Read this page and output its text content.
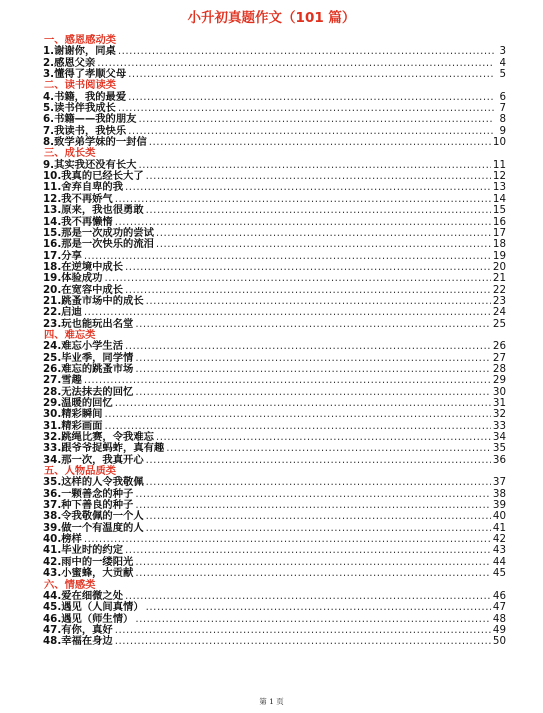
小升初真题作文（101 篇）
一、感恩感动类
1.谢谢你，同桌 .....	3
2.感恩父亲 .....	4
3.懂得了孝顺父母 .....	5
二、读书阅读类
4.书籍，我的最爱 .....	6
5.读书伴我成长 .....	7
6.书籍——我的朋友 .....	8
7.我读书，我快乐 .....	9
8.致学弟学妹的一封信 .....	10
三、成长类
9.其实我还没有长大 .....	11
10.我真的已经长大了 .....	12
11.舍弃自卑的我 .....	13
12.我不再娇气 .....	14
13.原来，我也很勇敢 .....	15
14.我不再懒惰 .....	16
15.那是一次成功的尝试 .....	17
16.那是一次快乐的流泪 .....	18
17.分享 .....	19
18.在逆境中成长 .....	20
19.体验成功 .....	21
20.在宽容中成长 .....	22
21.跳蚤市场中的成长 .....	23
22.启迪 .....	24
23.玩也能玩出名堂 .....	25
四、难忘类
24.难忘小学生活 .....	26
25.毕业季，同学情 .....	27
26.难忘的跳蚤市场 .....	28
27.雪趣 .....	29
28.无法抹去的回忆 .....	30
29.温暖的回忆 .....	31
30.精彩瞬间 .....	32
31.精彩画面 .....	33
32.跳绳比赛，令我难忘 .....	34
33.跟爷爷捉蚂蚱，真有趣 .....	35
34.那一次，我真开心 .....	36
五、人物品质类
35.这样的人令我敬佩 .....	37
36.一颗善念的种子 .....	38
37.种下善良的种子 .....	39
38.令我敬佩的一个人 .....	40
39.做一个有温度的人 .....	41
40.榜样 .....	42
41.毕业时的约定 .....	43
42.雨中的一缕阳光 .....	44
43.小蜜蜂，大贡献 .....	45
六、情感类
44.爱在细微之处 .....	46
45.遇见（人间真情） .....	47
46.遇见（师生情） .....	48
47.有你，真好 .....	49
48.幸福在身边 .....	50
第 1 页
